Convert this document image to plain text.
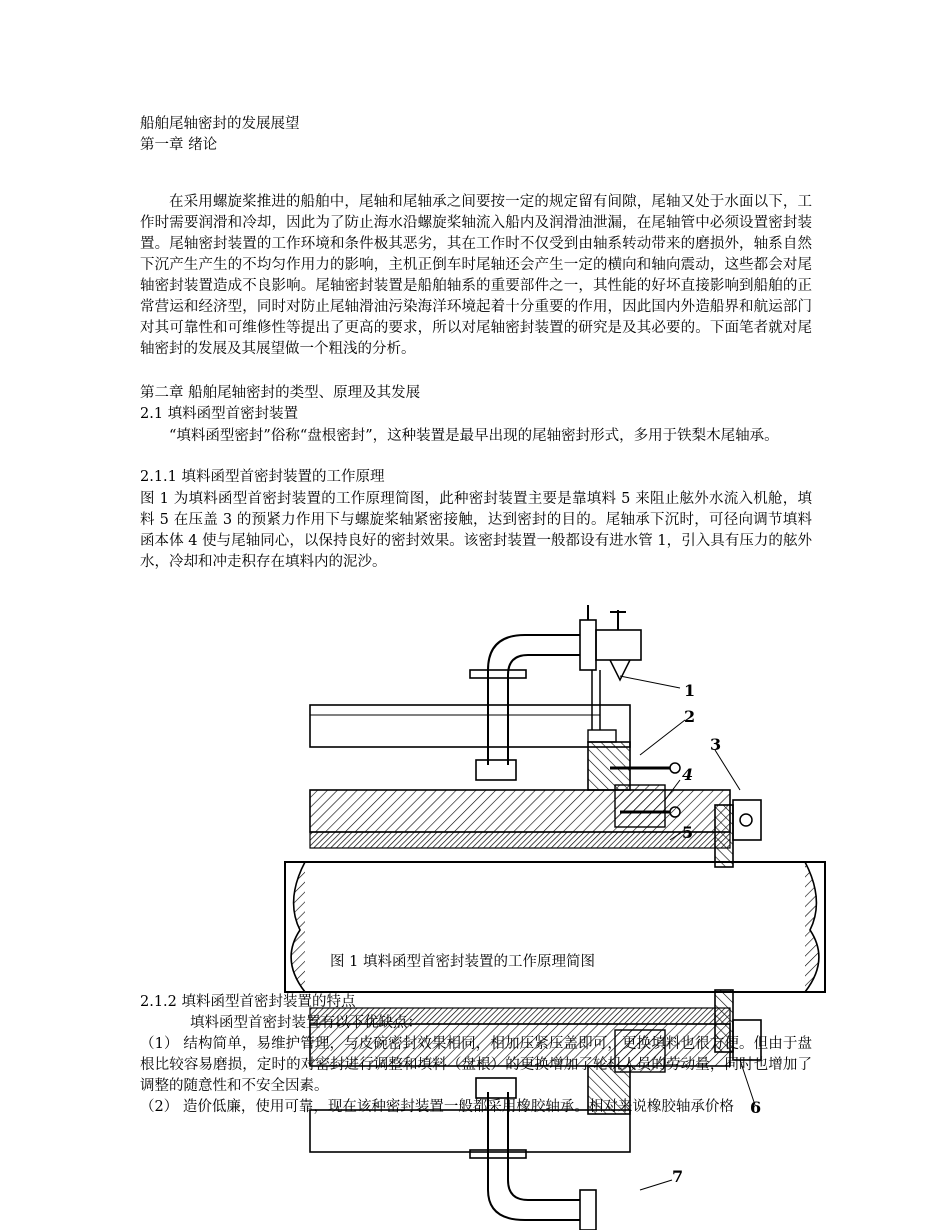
船舶尾轴密封的发展展望
第一章 绪论
在采用螺旋桨推进的船舶中，尾轴和尾轴承之间要按一定的规定留有间隙，尾轴又处于水面以下，工作时需要润滑和冷却，因此为了防止海水沿螺旋桨轴流入船内及润滑油泄漏，在尾轴管中必须设置密封装置。尾轴密封装置的工作环境和条件极其恶劣，其在工作时不仅受到由轴系转动带来的磨损外，轴系自然下沉产生产生的不均匀作用力的影响，主机正倒车时尾轴还会产生一定的横向和轴向震动，这些都会对尾轴密封装置造成不良影响。尾轴密封装置是船舶轴系的重要部件之一，其性能的好坏直接影响到船舶的正常营运和经济型，同时对防止尾轴滑油污染海洋环境起着十分重要的作用，因此国内外造船界和航运部门对其可靠性和可维修性等提出了更高的要求，所以对尾轴密封装置的研究是及其必要的。下面笔者就对尾轴密封的发展及其展望做一个粗浅的分析。
第二章 船舶尾轴密封的类型、原理及其发展
2.1 填料函型首密封装置
“填料函型密封”俗称“盘根密封”，这种装置是最早出现的尾轴密封形式，多用于铁梨木尾轴承。
2.1.1 填料函型首密封装置的工作原理
图 1 为填料函型首密封装置的工作原理简图，此种密封装置主要是靠填料 5 来阻止舷外水流入机舱，填料 5 在压盖 3 的预紧力作用下与螺旋桨轴紧密接触，达到密封的目的。尾轴承下沉时，可径向调节填料函本体 4 使与尾轴同心，以保持良好的密封效果。该密封装置一般都设有进水管 1，引入具有压力的舷外水，冷却和冲走积存在填料内的泥沙。
1
2
3
4
5
6
7
图 1 填料函型首密封装置的工作原理简图
2.1.2 填料函型首密封装置的特点
填料函型首密封装置有以下优缺点：
（1） 结构简单，易维护管理，与皮碗密封效果相同，相加压紧压盖即可，更换填料也很方便。但由于盘根比较容易磨损，定时的对密封进行调整和填料（盘根）的更换增加了轮机人员的劳动量，同时也增加了调整的随意性和不安全因素。
（2） 造价低廉，使用可靠，现在该种密封装置一般都采用橡胶轴承。相对来说橡胶轴承价格
